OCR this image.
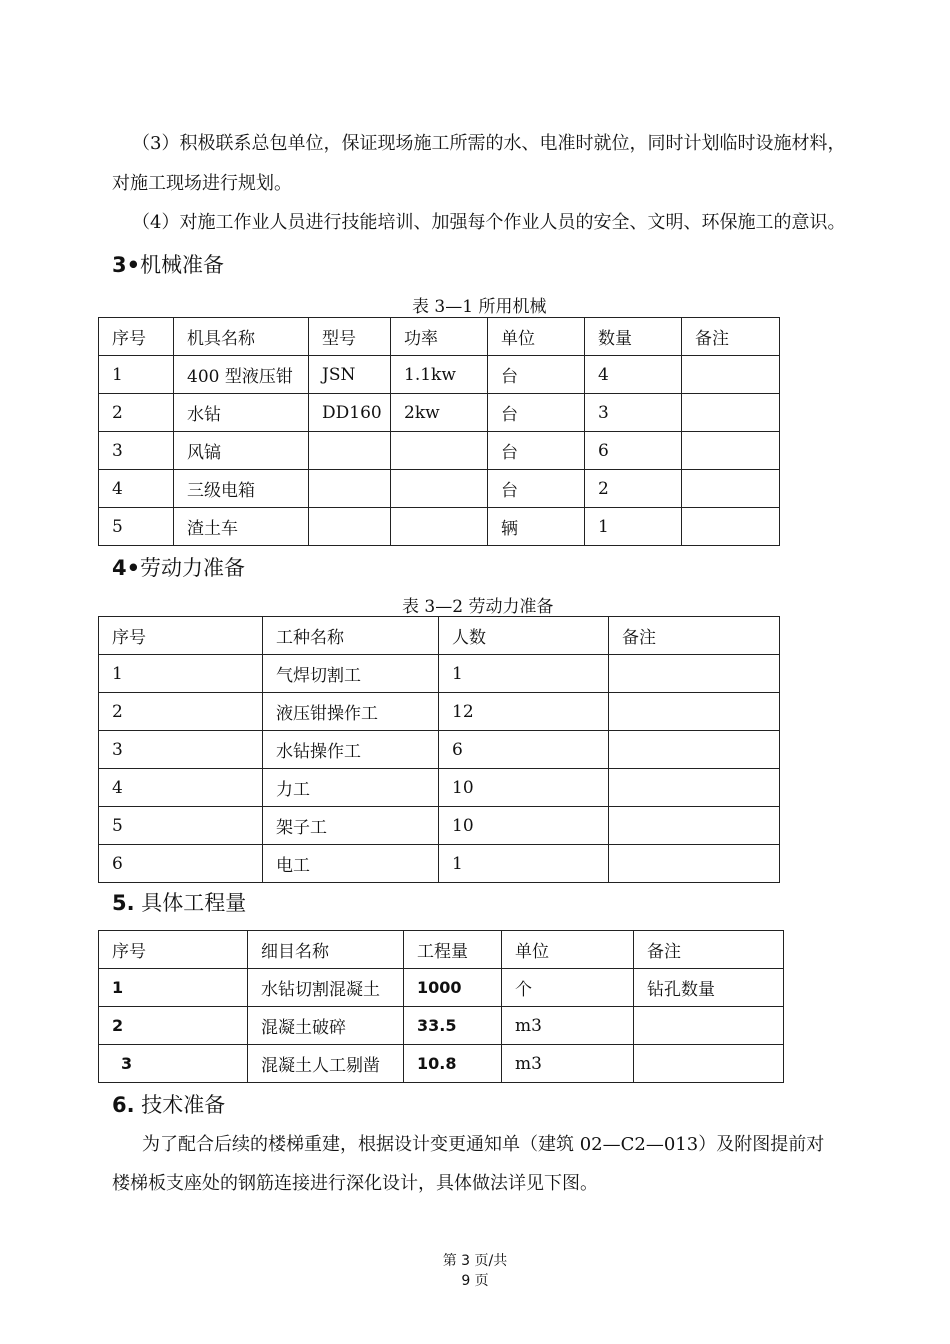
（3）积极联系总包单位，保证现场施工所需的水、电准时就位，同时计划临时设施材料，
对施工现场进行规划。
（4）对施工作业人员进行技能培训、加强每个作业人员的安全、文明、环保施工的意识。
3•机械准备
表 3—1 所用机械
序号	机具名称	型号	功率	单位	数量	备注
1	400 型液压钳	JSN	1.1kw	台	4	
2	水钻	DD160	2kw	台	3	
3	风镐			台	6	
4	三级电箱			台	2	
5	渣土车			辆	1	
4•劳动力准备
表 3—2 劳动力准备
序号	工种名称	人数	备注
1	气焊切割工	1	
2	液压钳操作工	12	
3	水钻操作工	6	
4	力工	10	
5	架子工	10	
6	电工	1	
5. 具体工程量
序号	细目名称	工程量	单位	备注
1	水钻切割混凝土	1000	个	钻孔数量
2	混凝土破碎	33.5	m3	
3	混凝土人工剔凿	10.8	m3	
6. 技术准备
为了配合后续的楼梯重建，根据设计变更通知单（建筑 02—C2—013）及附图提前对
楼梯板支座处的钢筋连接进行深化设计，具体做法详见下图。
第 3 页/共
9 页
